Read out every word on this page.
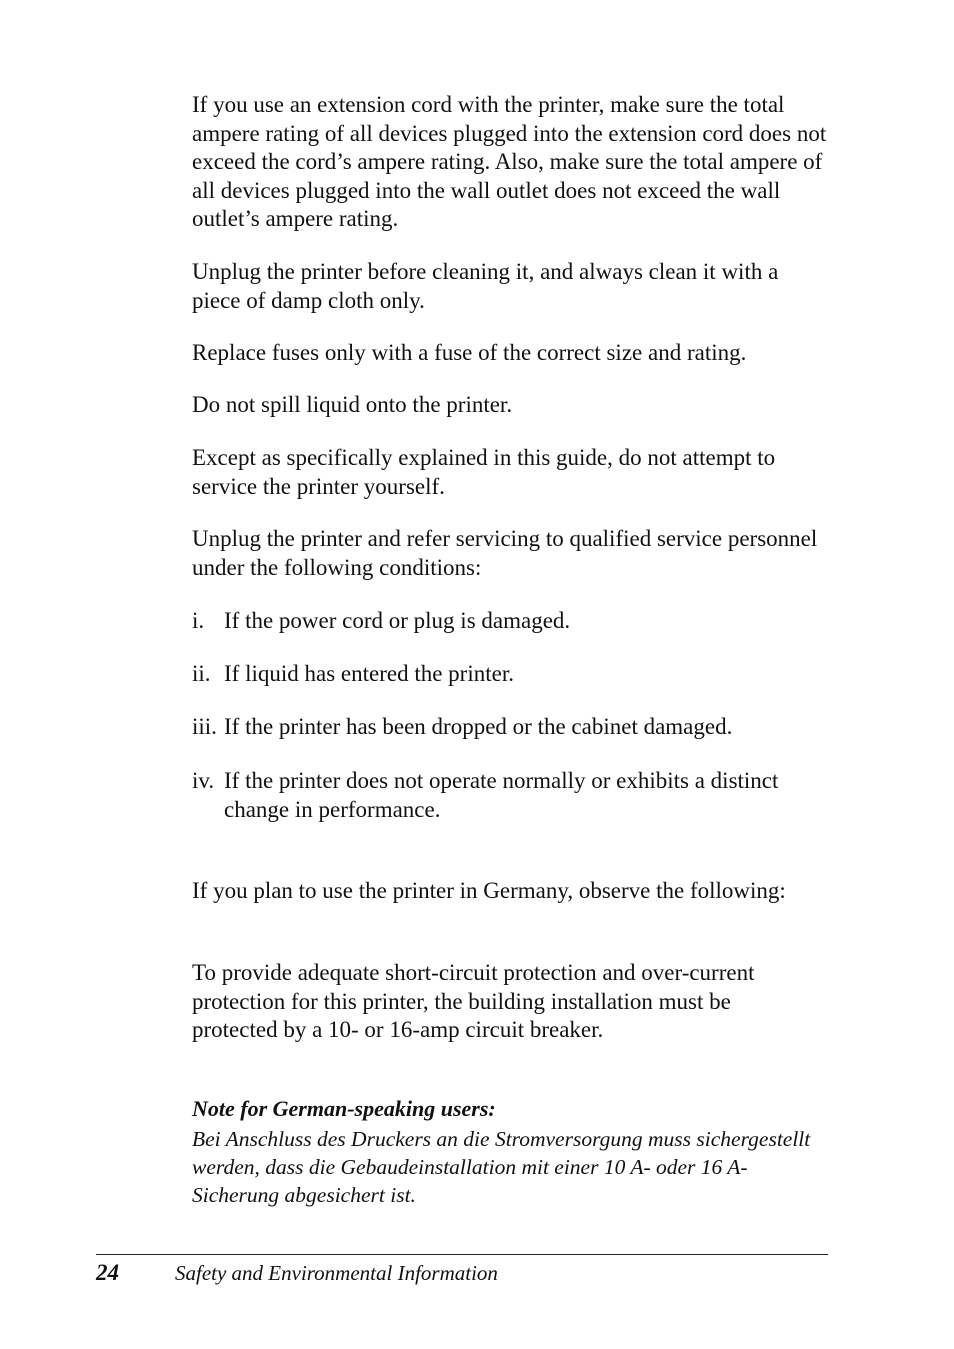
If you use an extension cord with the printer, make sure the total ampere rating of all devices plugged into the extension cord does not exceed the cord’s ampere rating. Also, make sure the total ampere of all devices plugged into the wall outlet does not exceed the wall outlet’s ampere rating.

Unplug the printer before cleaning it, and always clean it with a piece of damp cloth only.

Replace fuses only with a fuse of the correct size and rating.

Do not spill liquid onto the printer.

Except as specifically explained in this guide, do not attempt to service the printer yourself.

Unplug the printer and refer servicing to qualified service personnel under the following conditions:

i. If the power cord or plug is damaged.
ii. If liquid has entered the printer.
iii. If the printer has been dropped or the cabinet damaged.
iv. If the printer does not operate normally or exhibits a distinct change in performance.

If you plan to use the printer in Germany, observe the following:

To provide adequate short-circuit protection and over-current protection for this printer, the building installation must be protected by a 10- or 16-amp circuit breaker.

Note for German-speaking users:

Bei Anschluss des Druckers an die Stromversorgung muss sichergestellt werden, dass die Gebaudeinstallation mit einer 10 A- oder 16 A-Sicherung abgesichert ist.

24	Safety and Environmental Information
